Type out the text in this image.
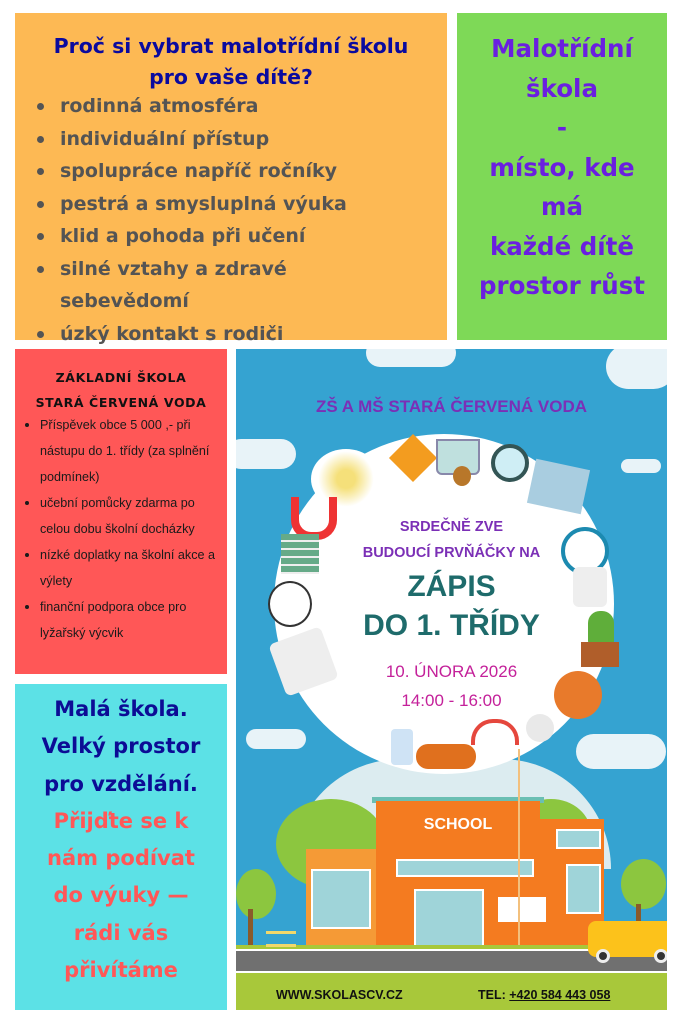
Proč si vybrat malotřídní školu
pro vaše dítě?
rodinná atmosféra
individuální přístup
spolupráce napříč ročníky
pestrá a smysluplná výuka
klid a pohoda při učení
silné vztahy a zdravé sebevědomí
úzký kontakt s rodiči
Malotřídní
škola
-
místo, kde
má
každé dítě
prostor růst
ZÁKLADNÍ ŠKOLA
STARÁ ČERVENÁ VODA
Příspěvek obce 5 000 ,- při nástupu do 1. třídy (za splnění podmínek)
učební pomůcky zdarma po celou dobu školní docházky
nízké doplatky na školní akce a výlety
finanční podpora obce pro lyžařský výcvik
Malá škola.
Velký prostor
pro vzdělání.
Přijďte se k
nám podívat
do výuky —
rádi vás
přivítáme
ZŠ A MŠ STARÁ ČERVENÁ VODA
SRDEČNĚ ZVE
BUDOUCÍ PRVŇÁČKY NA
ZÁPIS
DO 1. TŘÍDY
10. ÚNORA 2026
14:00 - 16:00
SCHOOL
WWW.SKOLASCV.CZ	TEL: +420 584 443 058
